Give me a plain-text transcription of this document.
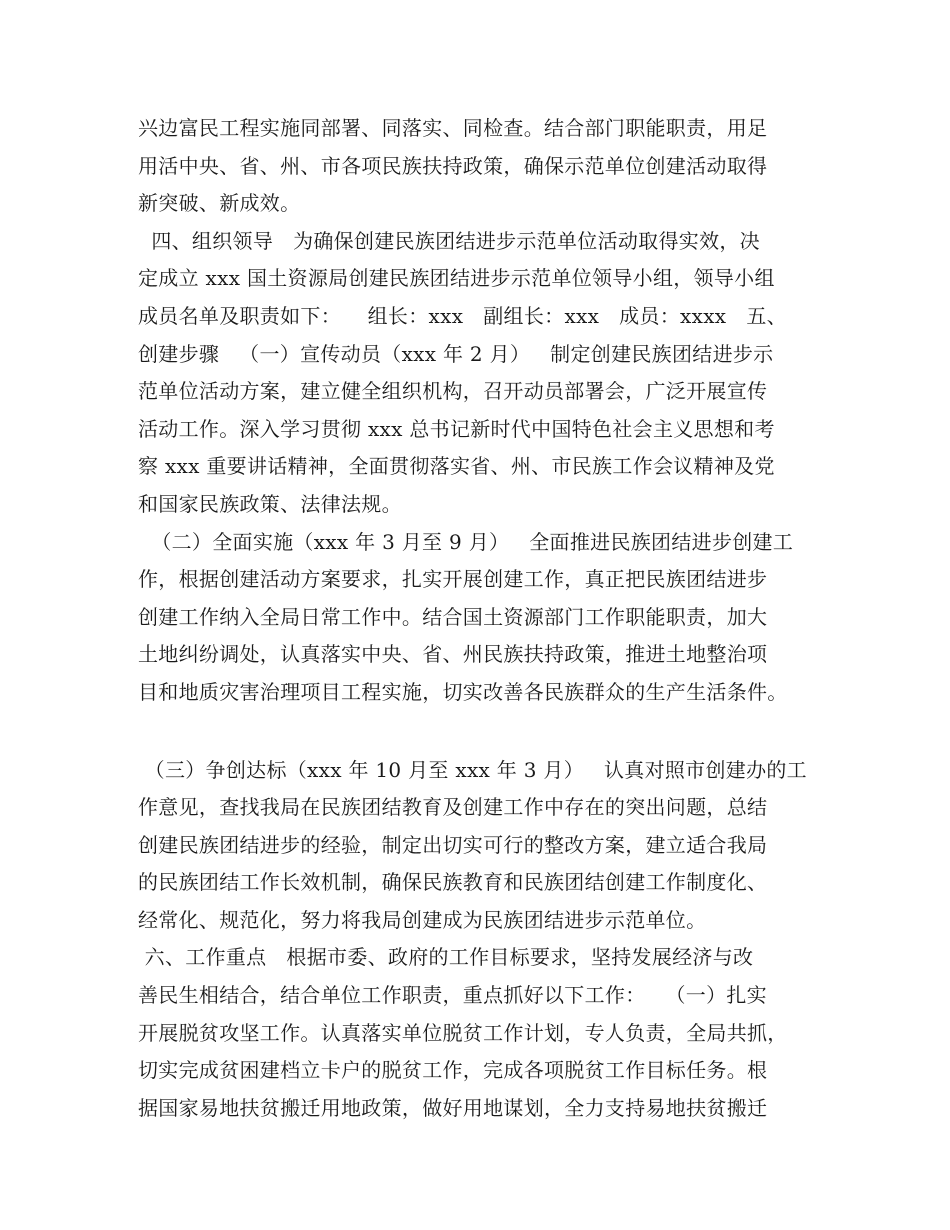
兴边富民工程实施同部署、同落实、同检查。结合部门职能职责，用足
用活中央、省、州、市各项民族扶持政策，确保示范单位创建活动取得
新突破、新成效。
四、组织领导   为确保创建民族团结进步示范单位活动取得实效，决
定成立 xxx 国土资源局创建民族团结进步示范单位领导小组，领导小组
成员名单及职责如下：    组长：xxx   副组长：xxx   成员：xxxx   五、
创建步骤   （一）宣传动员（xxx 年 2 月）   制定创建民族团结进步示
范单位活动方案，建立健全组织机构，召开动员部署会，广泛开展宣传
活动工作。深入学习贯彻 xxx 总书记新时代中国特色社会主义思想和考
察 xxx 重要讲话精神，全面贯彻落实省、州、市民族工作会议精神及党
和国家民族政策、法律法规。
（二）全面实施（xxx 年 3 月至 9 月）   全面推进民族团结进步创建工
作，根据创建活动方案要求，扎实开展创建工作，真正把民族团结进步
创建工作纳入全局日常工作中。结合国土资源部门工作职能职责，加大
土地纠纷调处，认真落实中央、省、州民族扶持政策，推进土地整治项
目和地质灾害治理项目工程实施，切实改善各民族群众的生产生活条件。
（三）争创达标（xxx 年 10 月至 xxx 年 3 月）   认真对照市创建办的工
作意见，查找我局在民族团结教育及创建工作中存在的突出问题，总结
创建民族团结进步的经验，制定出切实可行的整改方案，建立适合我局
的民族团结工作长效机制，确保民族教育和民族团结创建工作制度化、
经常化、规范化，努力将我局创建成为民族团结进步示范单位。
六、工作重点   根据市委、政府的工作目标要求，坚持发展经济与改
善民生相结合，结合单位工作职责，重点抓好以下工作：   （一）扎实
开展脱贫攻坚工作。认真落实单位脱贫工作计划，专人负责，全局共抓，
切实完成贫困建档立卡户的脱贫工作，完成各项脱贫工作目标任务。根
据国家易地扶贫搬迁用地政策，做好用地谋划，全力支持易地扶贫搬迁
